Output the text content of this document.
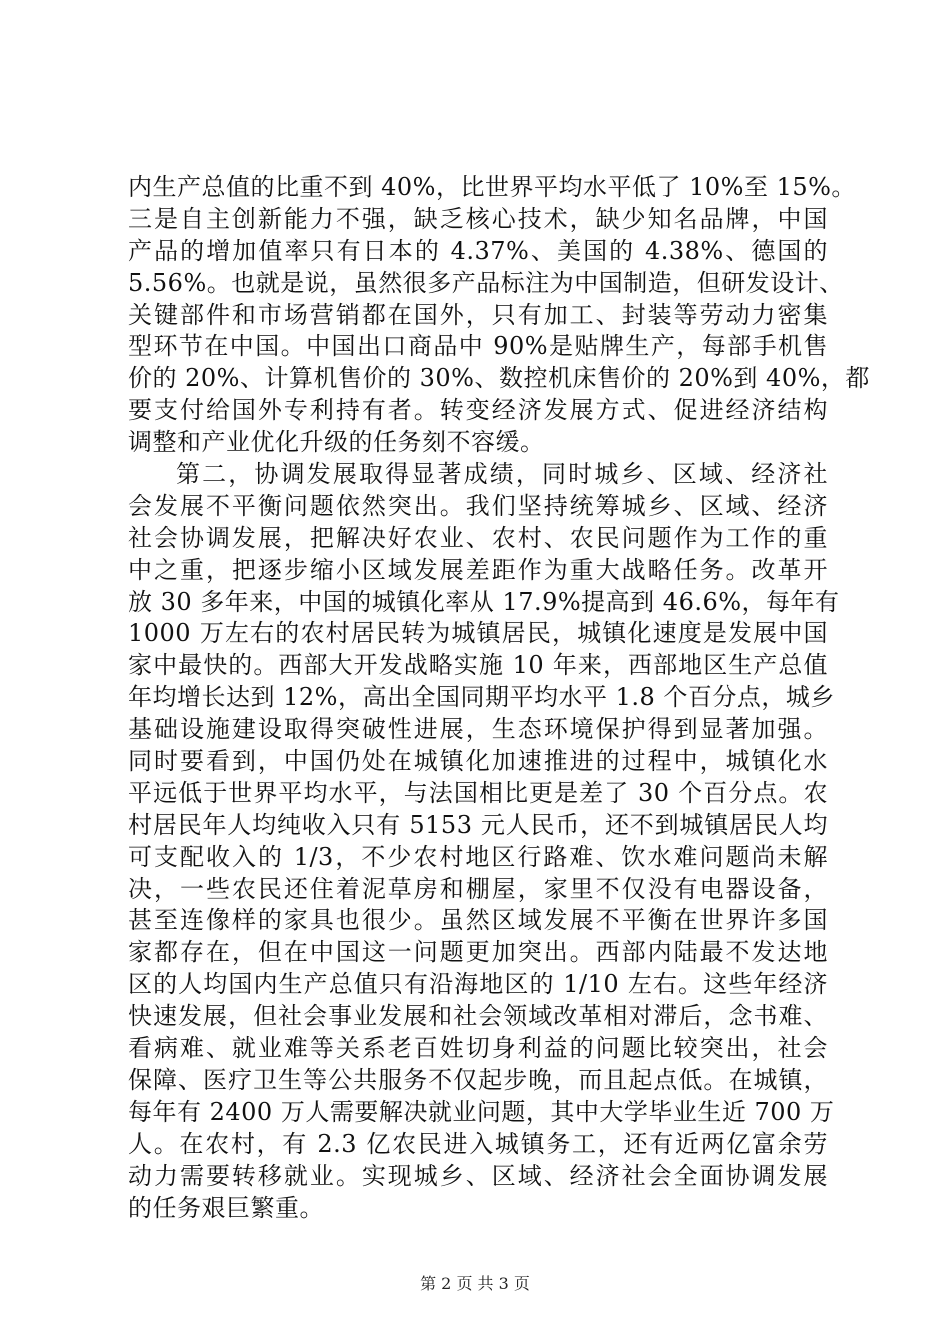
内生产总值的比重不到 40%，比世界平均水平低了 10%至 15%。
三是自主创新能力不强，缺乏核心技术，缺少知名品牌，中国
产品的增加值率只有日本的 4.37%、美国的 4.38%、德国的
5.56%。也就是说，虽然很多产品标注为中国制造，但研发设计、
关键部件和市场营销都在国外，只有加工、封装等劳动力密集
型环节在中国。中国出口商品中 90%是贴牌生产，每部手机售
价的 20%、计算机售价的 30%、数控机床售价的 20%到 40%，都
要支付给国外专利持有者。转变经济发展方式、促进经济结构
调整和产业优化升级的任务刻不容缓。
第二，协调发展取得显著成绩，同时城乡、区域、经济社
会发展不平衡问题依然突出。我们坚持统筹城乡、区域、经济
社会协调发展，把解决好农业、农村、农民问题作为工作的重
中之重，把逐步缩小区域发展差距作为重大战略任务。改革开
放 30 多年来，中国的城镇化率从 17.9%提高到 46.6%，每年有
1000 万左右的农村居民转为城镇居民，城镇化速度是发展中国
家中最快的。西部大开发战略实施 10 年来，西部地区生产总值
年均增长达到 12%，高出全国同期平均水平 1.8 个百分点，城乡
基础设施建设取得突破性进展，生态环境保护得到显著加强。
同时要看到，中国仍处在城镇化加速推进的过程中，城镇化水
平远低于世界平均水平，与法国相比更是差了 30 个百分点。农
村居民年人均纯收入只有 5153 元人民币，还不到城镇居民人均
可支配收入的 1/3，不少农村地区行路难、饮水难问题尚未解
决，一些农民还住着泥草房和棚屋，家里不仅没有电器设备，
甚至连像样的家具也很少。虽然区域发展不平衡在世界许多国
家都存在，但在中国这一问题更加突出。西部内陆最不发达地
区的人均国内生产总值只有沿海地区的 1/10 左右。这些年经济
快速发展，但社会事业发展和社会领域改革相对滞后，念书难、
看病难、就业难等关系老百姓切身利益的问题比较突出，社会
保障、医疗卫生等公共服务不仅起步晚，而且起点低。在城镇，
每年有 2400 万人需要解决就业问题，其中大学毕业生近 700 万
人。在农村，有 2.3 亿农民进入城镇务工，还有近两亿富余劳
动力需要转移就业。实现城乡、区域、经济社会全面协调发展
的任务艰巨繁重。
第 2 页 共 3 页
